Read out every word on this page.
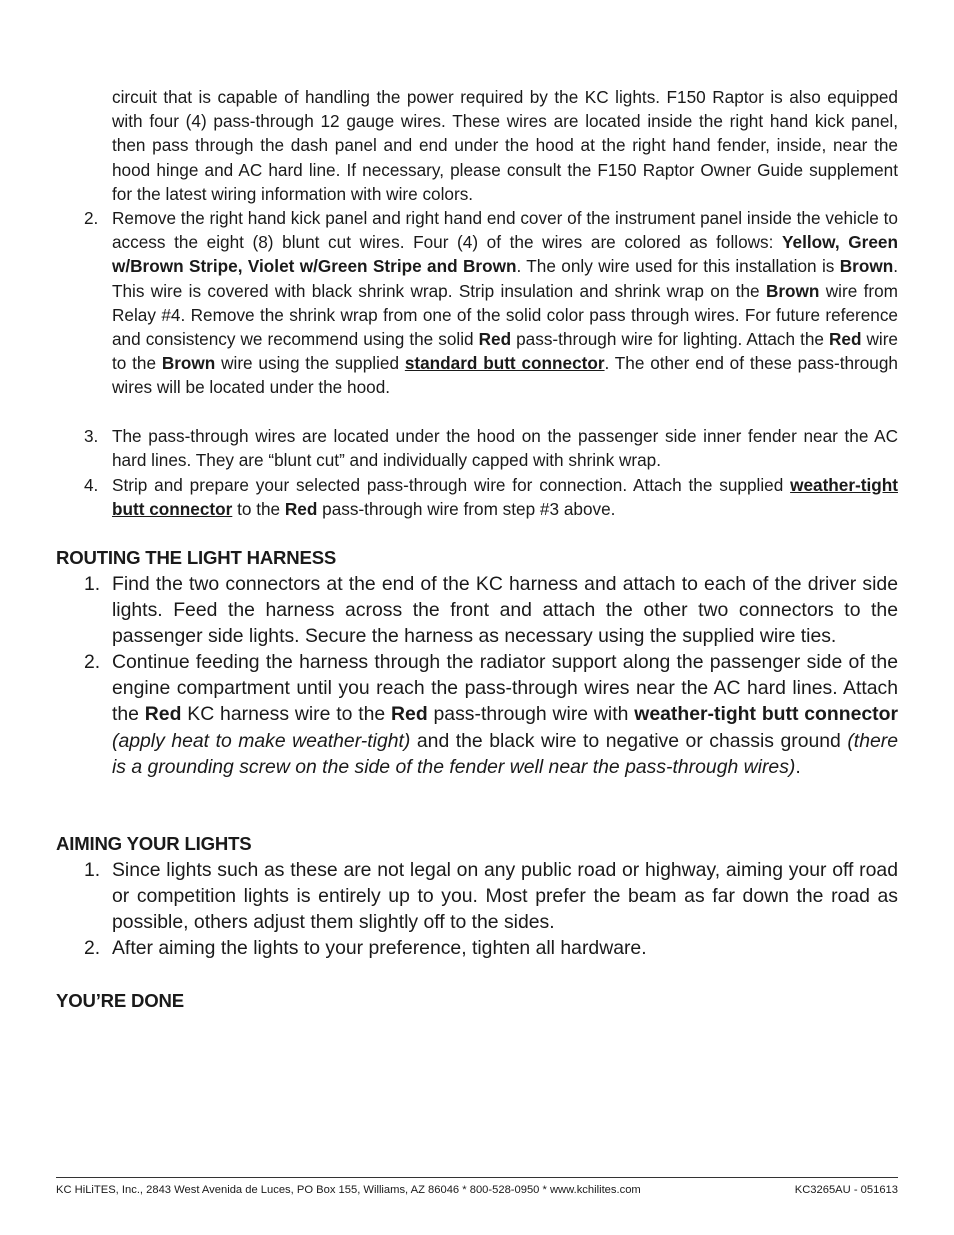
circuit that is capable of handling the power required by the KC lights. F150 Raptor is also equipped with four (4) pass-through 12 gauge wires. These wires are located inside the right hand kick panel, then pass through the dash panel and end under the hood at the right hand fender, inside, near the hood hinge and AC hard line. If necessary, please consult the F150 Raptor Owner Guide supplement for the latest wiring information with wire colors.

2. Remove the right hand kick panel and right hand end cover of the instrument panel inside the vehicle to access the eight (8) blunt cut wires. Four (4) of the wires are colored as follows: Yellow, Green w/Brown Stripe, Violet w/Green Stripe and Brown. The only wire used for this installation is Brown. This wire is covered with black shrink wrap. Strip insulation and shrink wrap on the Brown wire from Relay #4. Remove the shrink wrap from one of the solid color pass through wires. For future reference and consistency we recommend using the solid Red pass-through wire for lighting. Attach the Red wire to the Brown wire using the supplied standard butt connector. The other end of these pass-through wires will be located under the hood.
3. The pass-through wires are located under the hood on the passenger side inner fender near the AC hard lines. They are “blunt cut” and individually capped with shrink wrap.
4. Strip and prepare your selected pass-through wire for connection. Attach the supplied weather-tight butt connector to the Red pass-through wire from step #3 above.
ROUTING THE LIGHT HARNESS
1. Find the two connectors at the end of the KC harness and attach to each of the driver side lights. Feed the harness across the front and attach the other two connectors to the passenger side lights. Secure the harness as necessary using the supplied wire ties.
2. Continue feeding the harness through the radiator support along the passenger side of the engine compartment until you reach the pass-through wires near the AC hard lines. Attach the Red KC harness wire to the Red pass-through wire with weather-tight butt connector (apply heat to make weather-tight) and the black wire to negative or chassis ground (there is a grounding screw on the side of the fender well near the pass-through wires).
AIMING YOUR LIGHTS
1. Since lights such as these are not legal on any public road or highway, aiming your off road or competition lights is entirely up to you. Most prefer the beam as far down the road as possible, others adjust them slightly off to the sides.
2. After aiming the lights to your preference, tighten all hardware.
YOU’RE DONE
KC HiLiTES, Inc., 2843 West Avenida de Luces, PO Box 155, Williams, AZ 86046 * 800-528-0950 * www.kchilites.com	KC3265AU - 051613
